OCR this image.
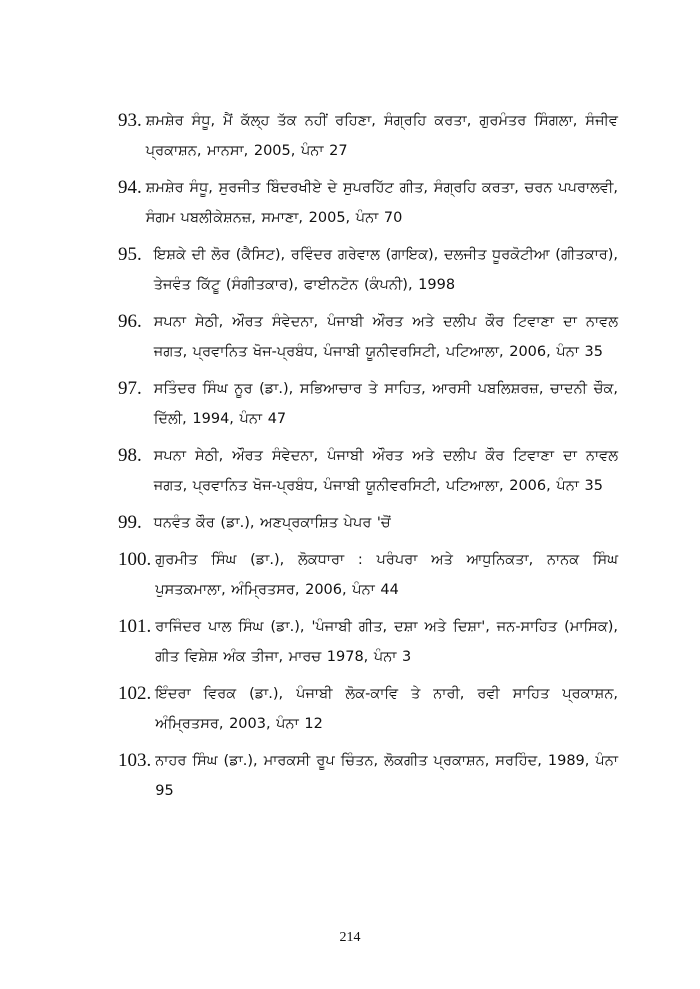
93. ਸ਼ਮਸ਼ੇਰ ਸੰਧੂ, ਮੈਂ ਕੱਲ੍ਹ ਤੱਕ ਨਹੀਂ ਰਹਿਣਾ, ਸੰਗ੍ਰਹਿ ਕਰਤਾ, ਗੁਰਮੰਤਰ ਸਿੰਗਲਾ, ਸੰਜੀਵ ਪ੍ਰਕਾਸ਼ਨ, ਮਾਨਸਾ, 2005, ਪੰਨਾ 27
94. ਸ਼ਮਸ਼ੇਰ ਸੰਧੂ, ਸੁਰਜੀਤ ਬਿੰਦਰਖੀਏ ਦੇ ਸੁਪਰਹਿੱਟ ਗੀਤ, ਸੰਗ੍ਰਹਿ ਕਰਤਾ, ਚਰਨ ਪਪਰਾਲਵੀ, ਸੰਗਮ ਪਬਲੀਕੇਸ਼ਨਜ਼, ਸਮਾਣਾ, 2005, ਪੰਨਾ 70
95. ਇਸ਼ਕੇ ਦੀ ਲੋਰ (ਕੈਸਿਟ), ਰਵਿੰਦਰ ਗਰੇਵਾਲ (ਗਾਇਕ), ਦਲਜੀਤ ਧੂਰਕੋਟੀਆ (ਗੀਤਕਾਰ), ਤੇਜਵੰਤ ਕਿੱਟੂ (ਸੰਗੀਤਕਾਰ), ਫਾਈਨਟੋਨ (ਕੰਪਨੀ), 1998
96. ਸਪਨਾ ਸੇਠੀ, ਔਰਤ ਸੰਵੇਦਨਾ, ਪੰਜਾਬੀ ਔਰਤ ਅਤੇ ਦਲੀਪ ਕੌਰ ਟਿਵਾਣਾ ਦਾ ਨਾਵਲ ਜਗਤ, ਪ੍ਰਵਾਨਿਤ ਖੋਜ-ਪ੍ਰਬੰਧ, ਪੰਜਾਬੀ ਯੂਨੀਵਰਸਿਟੀ, ਪਟਿਆਲਾ, 2006, ਪੰਨਾ 35
97. ਸਤਿੰਦਰ ਸਿੰਘ ਨੂਰ (ਡਾ.), ਸਭਿਆਚਾਰ ਤੇ ਸਾਹਿਤ, ਆਰਸੀ ਪਬਲਿਸ਼ਰਜ਼, ਚਾਦਨੀ ਚੌਕ, ਦਿੱਲੀ, 1994, ਪੰਨਾ 47
98. ਸਪਨਾ ਸੇਠੀ, ਔਰਤ ਸੰਵੇਦਨਾ, ਪੰਜਾਬੀ ਔਰਤ ਅਤੇ ਦਲੀਪ ਕੌਰ ਟਿਵਾਣਾ ਦਾ ਨਾਵਲ ਜਗਤ, ਪ੍ਰਵਾਨਿਤ ਖੋਜ-ਪ੍ਰਬੰਧ, ਪੰਜਾਬੀ ਯੂਨੀਵਰਸਿਟੀ, ਪਟਿਆਲਾ, 2006, ਪੰਨਾ 35
99. ਧਨਵੰਤ ਕੌਰ (ਡਾ.), ਅਣਪ੍ਰਕਾਸ਼ਿਤ ਪੇਪਰ 'ਚੋਂ
100. ਗੁਰਮੀਤ ਸਿੰਘ (ਡਾ.), ਲੋਕਧਾਰਾ : ਪਰੰਪਰਾ ਅਤੇ ਆਧੁਨਿਕਤਾ, ਨਾਨਕ ਸਿੰਘ ਪੁਸਤਕਮਾਲਾ, ਅੰਮ੍ਰਿਤਸਰ, 2006, ਪੰਨਾ 44
101. ਰਾਜਿੰਦਰ ਪਾਲ ਸਿੰਘ (ਡਾ.), 'ਪੰਜਾਬੀ ਗੀਤ, ਦਸ਼ਾ ਅਤੇ ਦਿਸ਼ਾ', ਜਨ-ਸਾਹਿਤ (ਮਾਸਿਕ), ਗੀਤ ਵਿਸ਼ੇਸ਼ ਅੰਕ ਤੀਜਾ, ਮਾਰਚ 1978, ਪੰਨਾ 3
102. ਇੰਦਰਾ ਵਿਰਕ (ਡਾ.), ਪੰਜਾਬੀ ਲੋਕ-ਕਾਵਿ ਤੇ ਨਾਰੀ, ਰਵੀ ਸਾਹਿਤ ਪ੍ਰਕਾਸ਼ਨ, ਅੰਮ੍ਰਿਤਸਰ, 2003, ਪੰਨਾ 12
103. ਨਾਹਰ ਸਿੰਘ (ਡਾ.), ਮਾਰਕਸੀ ਰੂਪ ਚਿੰਤਨ, ਲੋਕਗੀਤ ਪ੍ਰਕਾਸ਼ਨ, ਸਰਹਿੰਦ, 1989, ਪੰਨਾ 95
214
